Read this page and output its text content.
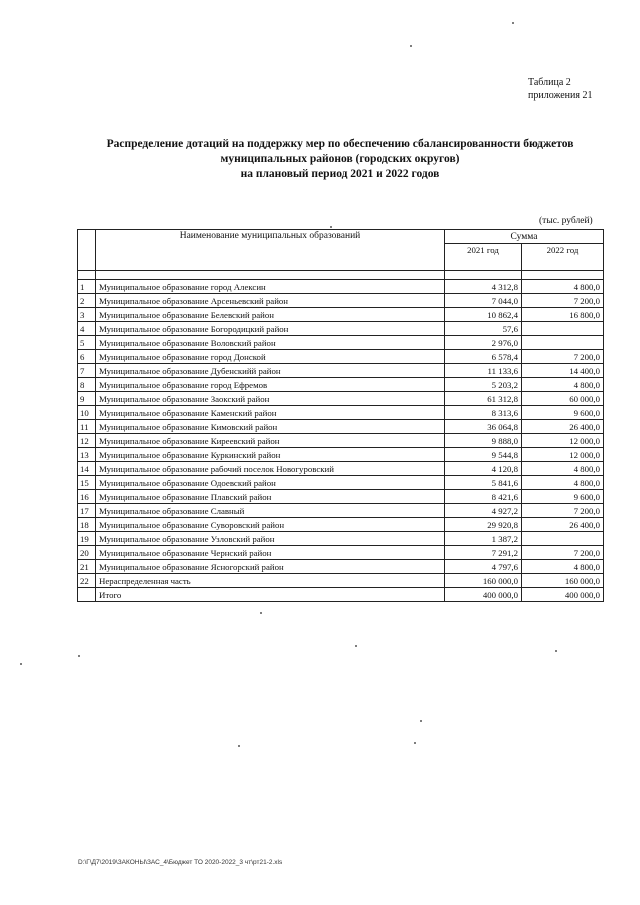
Таблица 2
приложения 21
Распределение дотаций на поддержку мер по обеспечению сбалансированности бюджетов
муниципальных районов (городских округов)
на плановый период 2021 и 2022 годов
(тыс. рублей)
	Наименование муниципальных образований	Сумма	
		2021 год	2022 год

1	Муниципальное образование город Алексин	4 312,8	4 800,0
2	Муниципальное образование Арсеньевский район	7 044,0	7 200,0
3	Муниципальное образование Белевский район	10 862,4	16 800,0
4	Муниципальное образование Богородицкий район	57,6	
5	Муниципальное образование Воловский район	2 976,0	
6	Муниципальное образование город Донской	6 578,4	7 200,0
7	Муниципальное образование Дубенскийй район	11 133,6	14 400,0
8	Муниципальное образование город Ефремов	5 203,2	4 800,0
9	Муниципальное образование Заокский район	61 312,8	60 000,0
10	Муниципальное образование Каменский район	8 313,6	9 600,0
11	Муниципальное образование Кимовский район	36 064,8	26 400,0
12	Муниципальное образование Киреевский район	9 888,0	12 000,0
13	Муниципальное образование Куркинский район	9 544,8	12 000,0
14	Муниципальное образование рабочий поселок Новогуровский	4 120,8	4 800,0
15	Муниципальное образование Одоевский район	5 841,6	4 800,0
16	Муниципальное образование Плавский район	8 421,6	9 600,0
17	Муниципальное образование Славный	4 927,2	7 200,0
18	Муниципальное образование Суворовский район	29 920,8	26 400,0
19	Муниципальное образование Узловский район	1 387,2	
20	Муниципальное образование Чернский район	7 291,2	7 200,0
21	Муниципальное образование Ясногорский район	4 797,6	4 800,0
22	Нераспределенная часть	160 000,0	160 000,0
	Итого	400 000,0	400 000,0
D:\Г\Д7\2019\ЗАКОНЫ\ЗАС_4\Бюджет ТО 2020-2022_3 чт\рт21-2.xls
